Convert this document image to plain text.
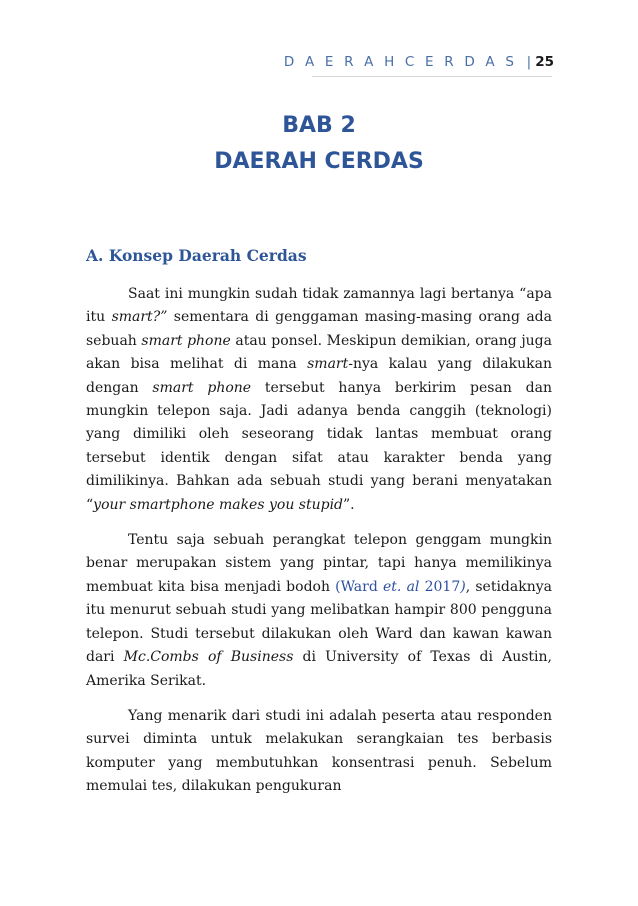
D A E R A H C E R D A S | 25
BAB 2
DAERAH CERDAS
A. Konsep Daerah Cerdas

Saat ini mungkin sudah tidak zamannya lagi bertanya “apa itu smart?” sementara di genggaman masing-masing orang ada sebuah smart phone atau ponsel. Meskipun demikian, orang juga akan bisa melihat di mana smart-nya kalau yang dilakukan dengan smart phone tersebut hanya berkirim pesan dan mungkin telepon saja. Jadi adanya benda canggih (teknologi) yang dimiliki oleh seseorang tidak lantas membuat orang tersebut identik dengan sifat atau karakter benda yang dimilikinya. Bahkan ada sebuah studi yang berani menyatakan “your smartphone makes you stupid”.

Tentu saja sebuah perangkat telepon genggam mungkin benar merupakan sistem yang pintar, tapi hanya memilikinya membuat kita bisa menjadi bodoh (Ward et. al 2017), setidaknya itu menurut sebuah studi yang melibatkan hampir 800 pengguna telepon. Studi tersebut dilakukan oleh Ward dan kawan kawan dari Mc.Combs of Business di University of Texas di Austin, Amerika Serikat.

Yang menarik dari studi ini adalah peserta atau responden survei diminta untuk melakukan serangkaian tes berbasis komputer yang membutuhkan konsentrasi penuh. Sebelum memulai tes, dilakukan pengukuran
